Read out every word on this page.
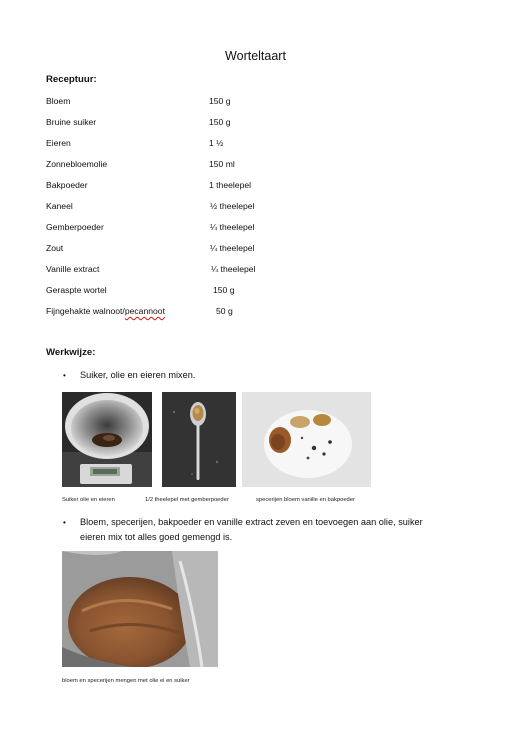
Worteltaart
Receptuur:
Bloem	150 g
Bruine suiker	150 g
Eieren	1 ½
Zonnebloemolie	150 ml
Bakpoeder	1 theelepel
Kaneel	½ theelepel
Gemberpoeder	¼ theelepel
Zout	¼ theelepel
Vanille extract	¼ theelepel
Geraspte wortel	150 g
Fijngehakte walnoot/pecannoot	50 g
Werkwijze:
• Suiker, olie en eieren mixen.
Suiker olie en eieren	1/2 theelepel met gemberpoeder	specerijen bloem vanille en bakpoeder
• Bloem, specerijen, bakpoeder en vanille extract zeven en toevoegen aan olie, suiker
eieren mix tot alles goed gemengd is.
bloem en specerijen mengen met olie ei en suiker
